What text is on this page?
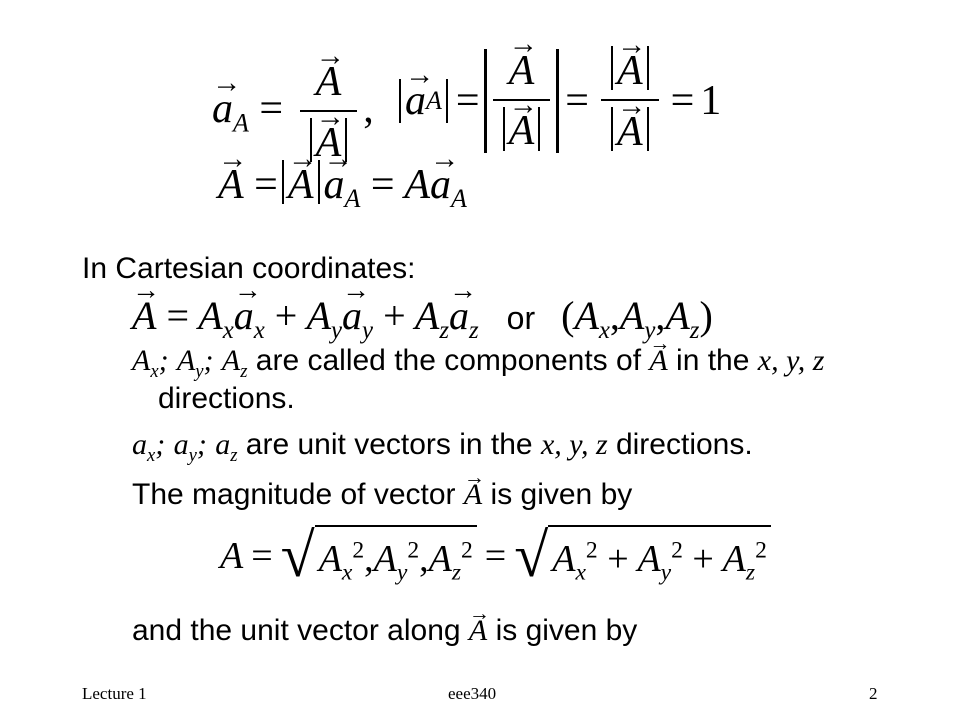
→ $a_A$ =
→ A
→ A ,
→ a A =
→ A
→ A =
→ A
→ A = 1
→ $A =\to A\to a_A = A\to a_A$
In Cartesian coordinates:
→ $A = A_x\to a_x + A_y\to a_y + A_z\to a_z$ or $(A_x,A_y,A_z)$
$A_x$; $A_y$; $A_z$ are called the components of → A in the x, y, z
directions.
$a_x$; $a_y$; $a_z$ are unit vectors in the x, y, z directions.
The magnitude of vector → A is given by
A = √ $A_x^2,A_y^2,A_z^2$ = √ $A_x^2 + A_y^2 + A_z^2$
and the unit vector along → A is given by
Lecture 1	eee340	2
